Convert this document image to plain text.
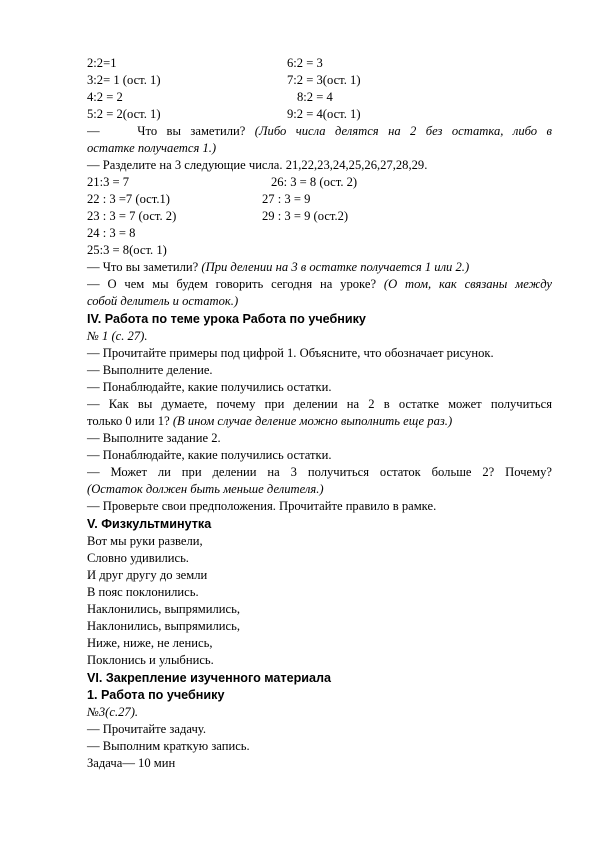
2:2=1	6:2 = 3
3:2= 1 (ост. 1)	7:2 = 3(ост. 1)
4:2 = 2	8:2 = 4
5:2 = 2(ост. 1)	9:2 = 4(ост. 1)
—	Что вы заметили? (Либо числа делятся на 2 без остатка, либо в
остатке получается 1.)
— Разделите на 3 следующие числа. 21,22,23,24,25,26,27,28,29.
21:3 = 7	26: 3 = 8 (ост. 2)
22 : 3 =7 (ост.1)	27 : 3 = 9
23 : 3 = 7 (ост. 2)	29 : 3 = 9 (ост.2)
24 : 3 = 8
25:3 = 8(ост. 1)
— Что вы заметили? (При делении на 3 в остатке получается 1 или 2.)
— О чем мы будем говорить сегодня на уроке? (О том, как связаны между
собой делитель и остаток.)
IV. Работа по теме урока Работа по учебнику
№ 1 (с. 27).
— Прочитайте примеры под цифрой 1. Объясните, что обозначает рисунок.
— Выполните деление.
— Понаблюдайте, какие получились остатки.
— Как вы думаете, почему при делении на 2 в остатке может получиться
только 0 или 1? (В ином случае деление можно выполнить еще раз.)
— Выполните задание 2.
— Понаблюдайте, какие получились остатки.
— Может ли при делении на 3 получиться остаток больше 2? Почему?
(Остаток должен быть меньше делителя.)
— Проверьте свои предположения. Прочитайте правило в рамке.
V. Физкультминутка
Вот мы руки развели,
Словно удивились.
И друг другу до земли
В пояс поклонились.
Наклонились, выпрямились,
Наклонились, выпрямились,
Ниже, ниже, не ленись,
Поклонись и улыбнись.
VI. Закрепление изученного материала
1. Работа по учебнику
№3(с.27).
— Прочитайте задачу.
— Выполним краткую запись.
Задача— 10 мин
